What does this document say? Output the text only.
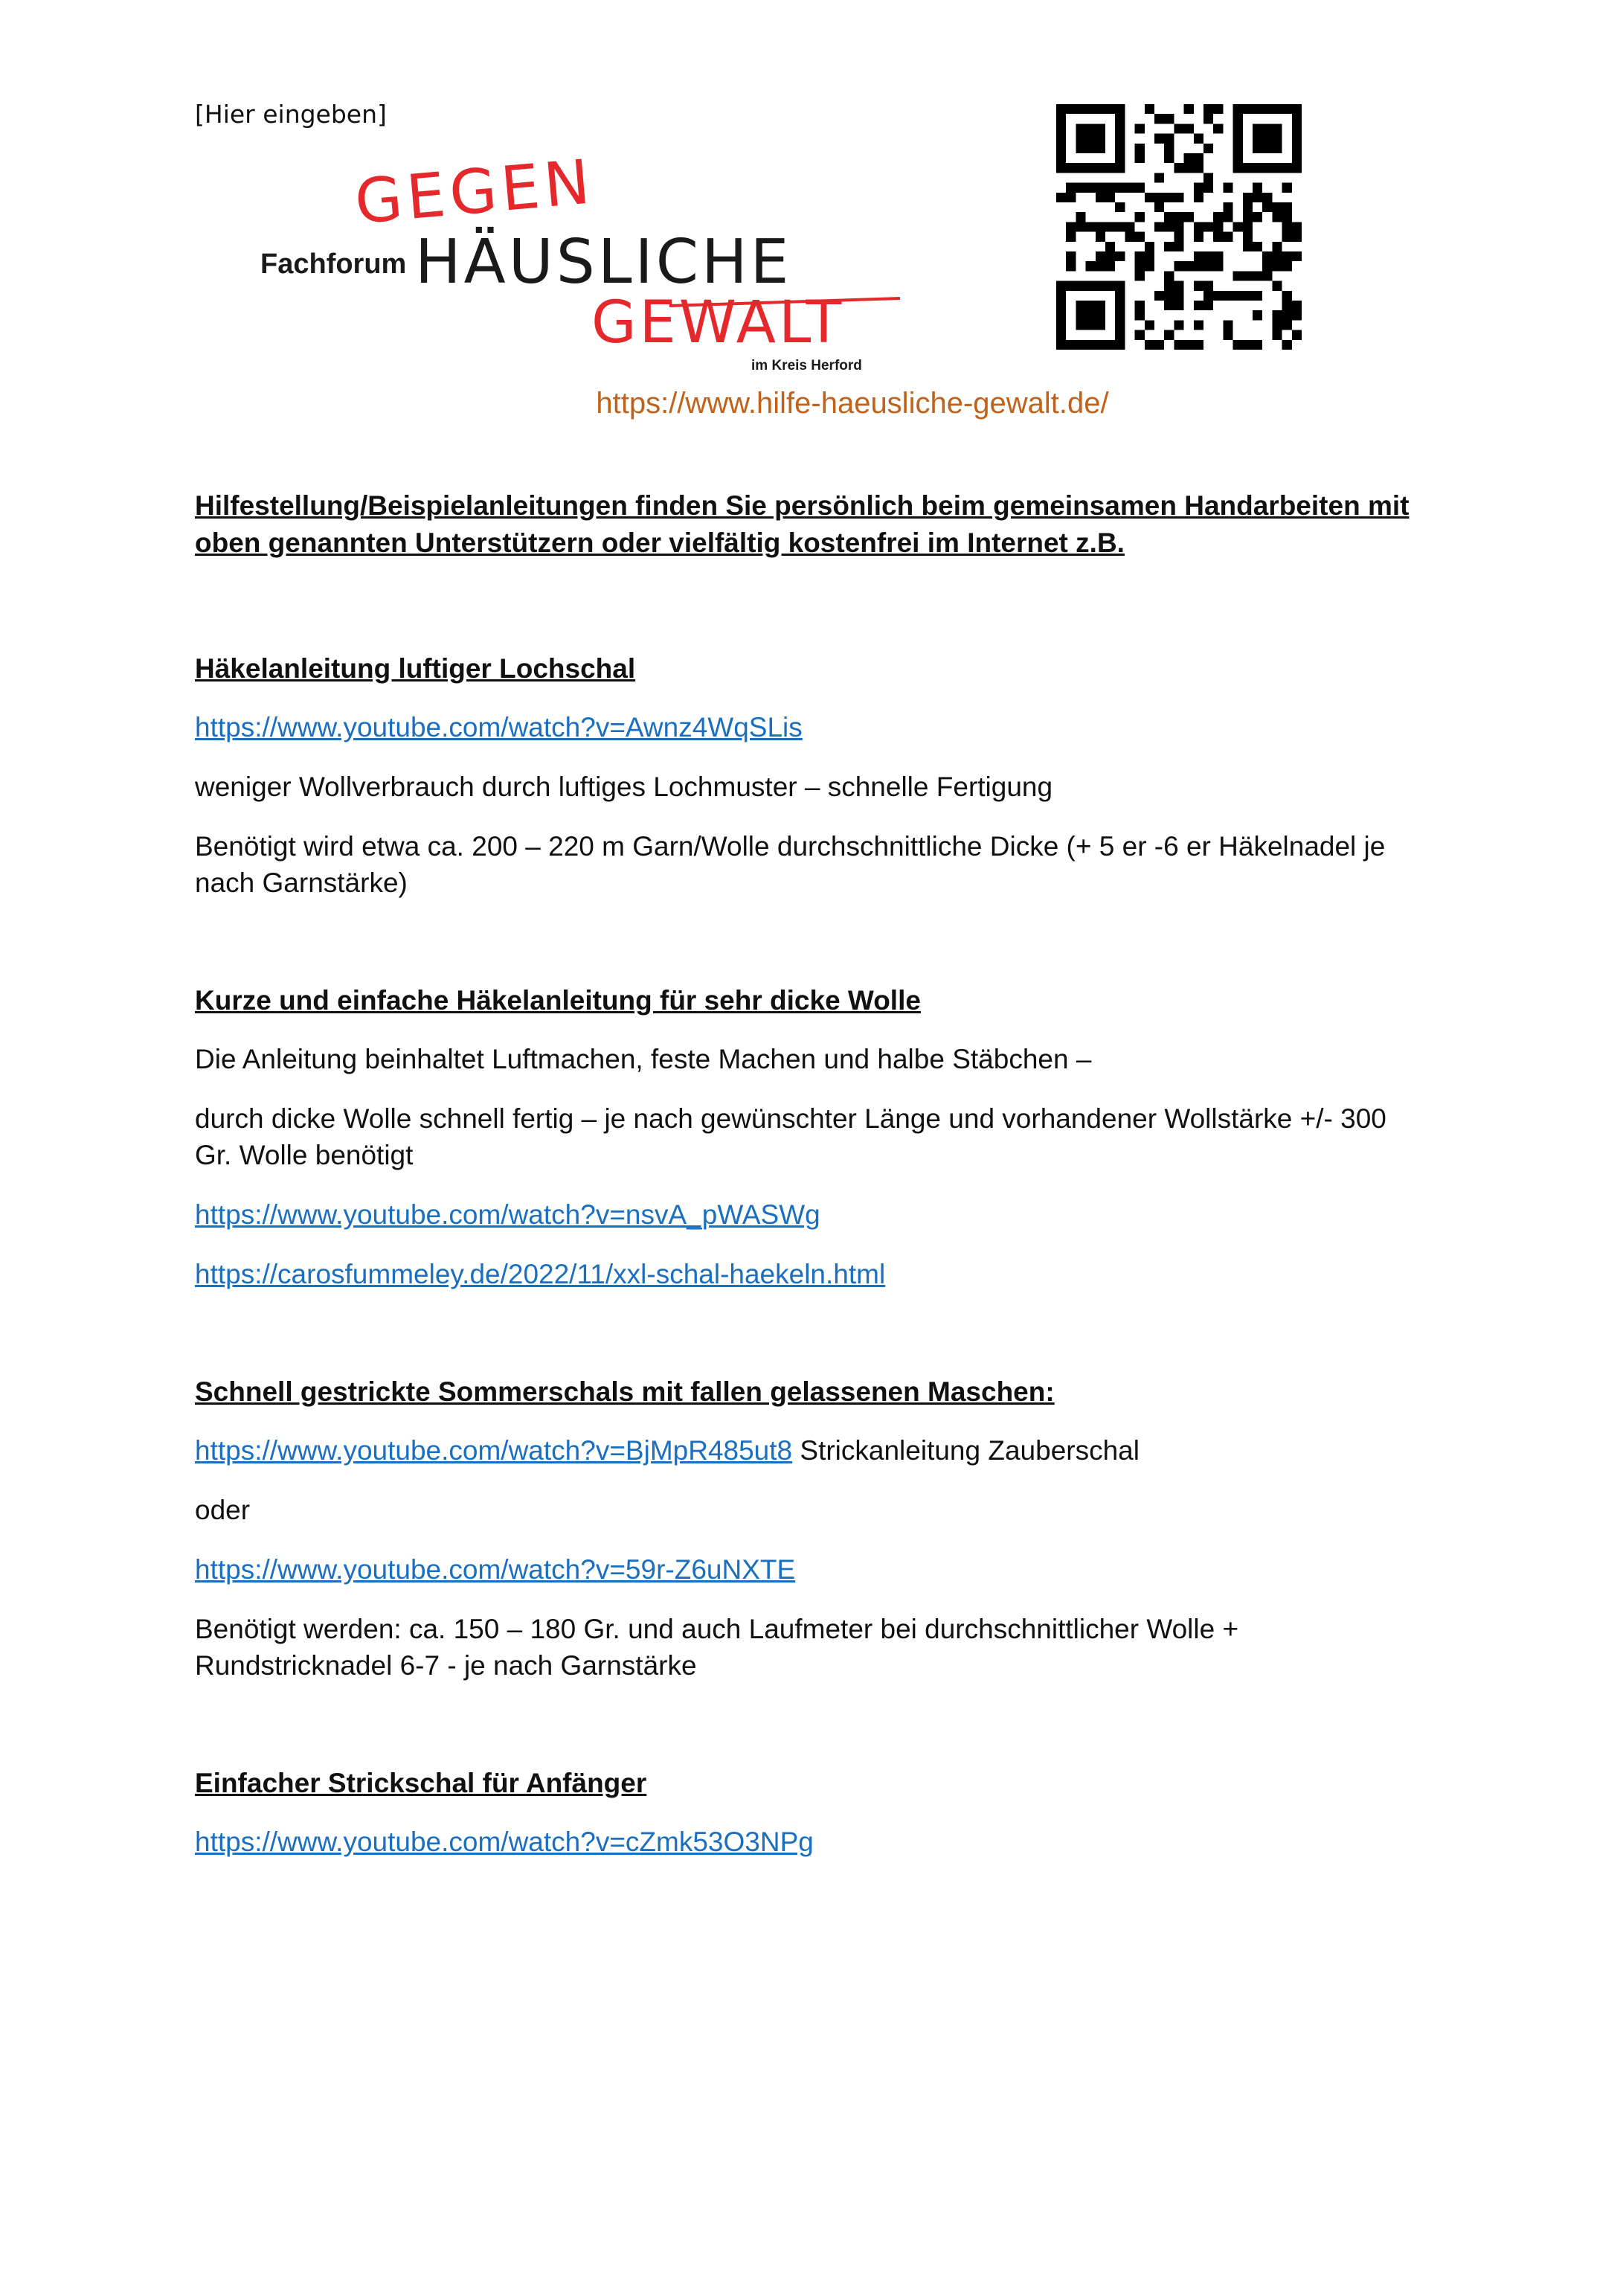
[Hier eingeben]
GEGEN
Fachforum HÄUSLICHE
GEWALT
im Kreis Herford
https://www.hilfe-haeusliche-gewalt.de/

Hilfestellung/Beispielanleitungen finden Sie persönlich beim gemeinsamen Handarbeiten mit oben genannten Unterstützern oder vielfältig kostenfrei im Internet z.B.

Häkelanleitung luftiger Lochschal

https://www.youtube.com/watch?v=Awnz4WqSLis

weniger Wollverbrauch durch luftiges Lochmuster – schnelle Fertigung

Benötigt wird etwa ca. 200 – 220 m Garn/Wolle durchschnittliche Dicke (+ 5 er -6 er Häkelnadel je nach Garnstärke)

Kurze und einfache Häkelanleitung für sehr dicke Wolle

Die Anleitung beinhaltet Luftmachen, feste Machen und halbe Stäbchen –

durch dicke Wolle schnell fertig – je nach gewünschter Länge und vorhandener Wollstärke +/- 300 Gr. Wolle benötigt

https://www.youtube.com/watch?v=nsvA_pWASWg

https://carosfummeley.de/2022/11/xxl-schal-haekeln.html

Schnell gestrickte Sommerschals mit fallen gelassenen Maschen:

https://www.youtube.com/watch?v=BjMpR485ut8 Strickanleitung Zauberschal

oder

https://www.youtube.com/watch?v=59r-Z6uNXTE

Benötigt werden: ca. 150 – 180 Gr. und auch Laufmeter bei durchschnittlicher Wolle + Rundstricknadel 6-7 - je nach Garnstärke

Einfacher Strickschal für Anfänger

https://www.youtube.com/watch?v=cZmk53O3NPg
